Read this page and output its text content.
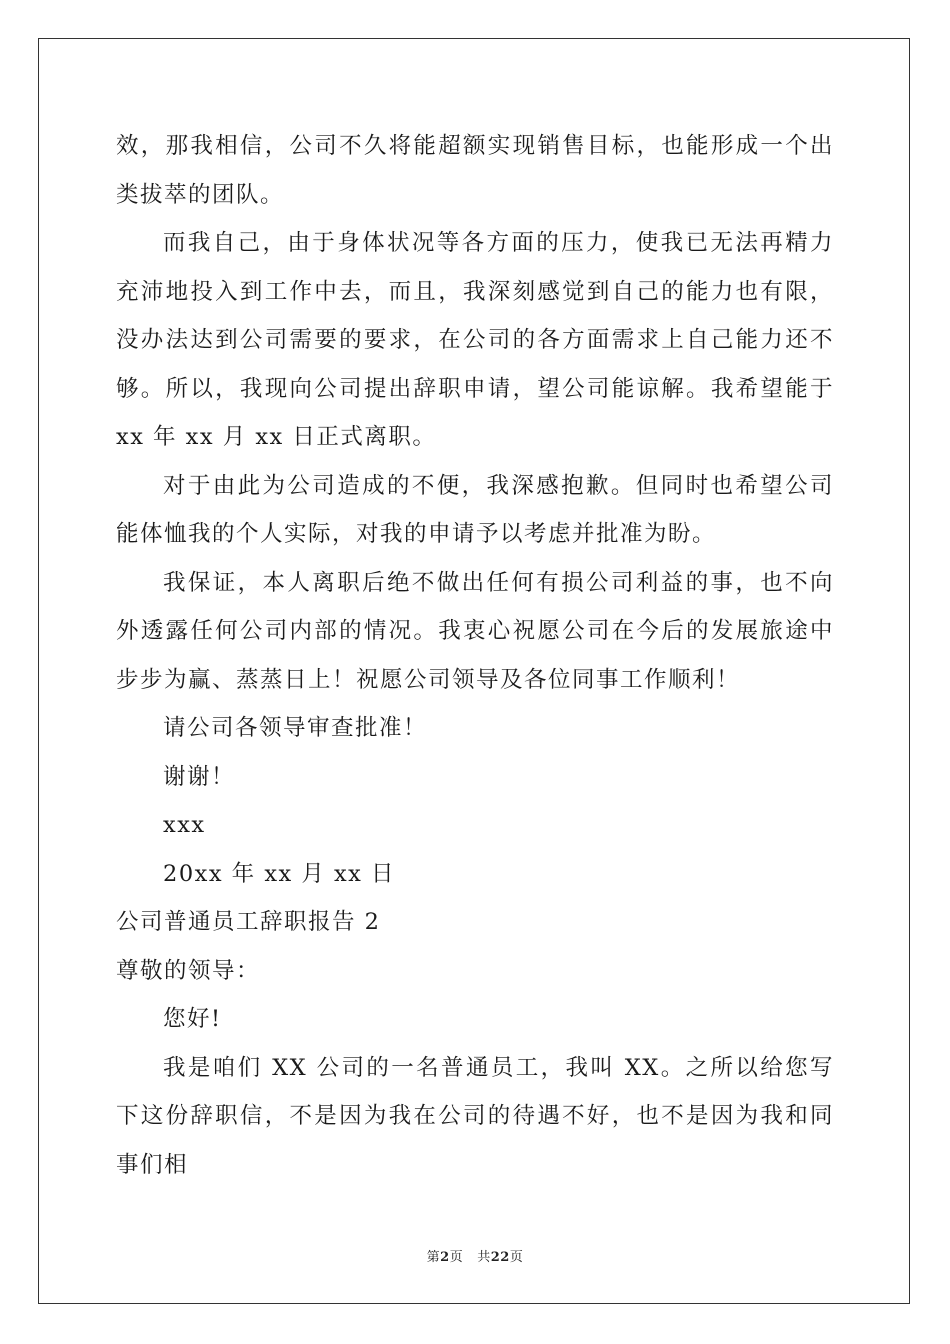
效，那我相信，公司不久将能超额实现销售目标，也能形成一个出类拔萃的团队。

而我自己，由于身体状况等各方面的压力，使我已无法再精力充沛地投入到工作中去，而且，我深刻感觉到自己的能力也有限，没办法达到公司需要的要求，在公司的各方面需求上自己能力还不够。所以，我现向公司提出辞职申请，望公司能谅解。我希望能于 xx 年 xx 月 xx 日正式离职。

对于由此为公司造成的不便，我深感抱歉。但同时也希望公司能体恤我的个人实际，对我的申请予以考虑并批准为盼。

我保证，本人离职后绝不做出任何有损公司利益的事，也不向外透露任何公司内部的情况。我衷心祝愿公司在今后的发展旅途中步步为赢、蒸蒸日上！祝愿公司领导及各位同事工作顺利！

请公司各领导审查批准！

谢谢！

xxx

20xx 年 xx 月 xx 日

公司普通员工辞职报告 2

尊敬的领导：

您好!

我是咱们 XX 公司的一名普通员工，我叫 XX。之所以给您写下这份辞职信，不是因为我在公司的待遇不好，也不是因为我和同事们相

第2页 共22页
